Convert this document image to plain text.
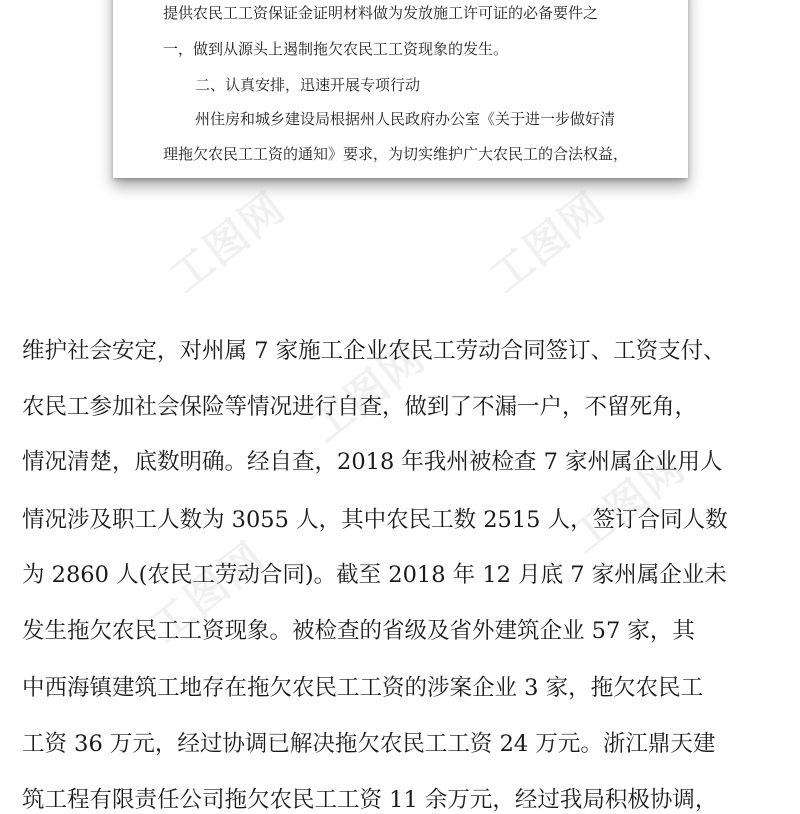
提供农民工工资保证金证明材料做为发放施工许可证的必备要件之
一，做到从源头上遏制拖欠农民工工资现象的发生。
二、认真安排，迅速开展专项行动
州住房和城乡建设局根据州人民政府办公室《关于进一步做好清
理拖欠农民工工资的通知》要求，为切实维护广大农民工的合法权益，
工图网	工图网
工图网
工图网
工图网
维护社会安定，对州属 7 家施工企业农民工劳动合同签订、工资支付、
农民工参加社会保险等情况进行自查，做到了不漏一户，不留死角，
情况清楚，底数明确。经自查，2018 年我州被检查 7 家州属企业用人
情况涉及职工人数为 3055 人，其中农民工数 2515 人，签订合同人数
为 2860 人(农民工劳动合同)。截至 2018 年 12 月底 7 家州属企业未
发生拖欠农民工工资现象。被检查的省级及省外建筑企业 57 家，其
中西海镇建筑工地存在拖欠农民工工资的涉案企业 3 家，拖欠农民工
工资 36 万元，经过协调已解决拖欠农民工工资 24 万元。浙江鼎天建
筑工程有限责任公司拖欠农民工工资 11 余万元，经过我局积极协调，
